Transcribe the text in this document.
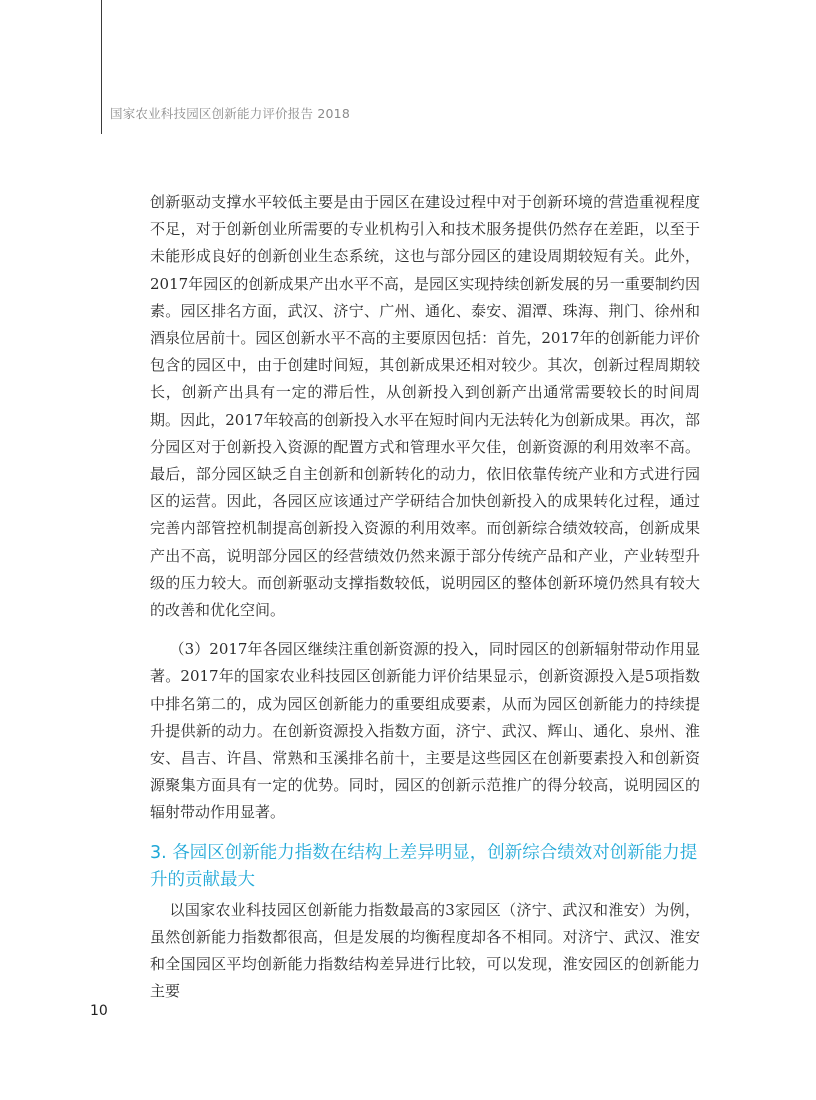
国家农业科技园区创新能力评价报告 2018

创新驱动支撑水平较低主要是由于园区在建设过程中对于创新环境的营造重视程度不足，对于创新创业所需要的专业机构引入和技术服务提供仍然存在差距，以至于未能形成良好的创新创业生态系统，这也与部分园区的建设周期较短有关。此外，2017年园区的创新成果产出水平不高，是园区实现持续创新发展的另一重要制约因素。园区排名方面，武汉、济宁、广州、通化、泰安、湄潭、珠海、荆门、徐州和酒泉位居前十。园区创新水平不高的主要原因包括：首先，2017年的创新能力评价包含的园区中，由于创建时间短，其创新成果还相对较少。其次，创新过程周期较长，创新产出具有一定的滞后性，从创新投入到创新产出通常需要较长的时间周期。因此，2017年较高的创新投入水平在短时间内无法转化为创新成果。再次，部分园区对于创新投入资源的配置方式和管理水平欠佳，创新资源的利用效率不高。最后，部分园区缺乏自主创新和创新转化的动力，依旧依靠传统产业和方式进行园区的运营。因此，各园区应该通过产学研结合加快创新投入的成果转化过程，通过完善内部管控机制提高创新投入资源的利用效率。而创新综合绩效较高，创新成果产出不高，说明部分园区的经营绩效仍然来源于部分传统产品和产业，产业转型升级的压力较大。而创新驱动支撑指数较低，说明园区的整体创新环境仍然具有较大的改善和优化空间。

（3）2017年各园区继续注重创新资源的投入，同时园区的创新辐射带动作用显著。2017年的国家农业科技园区创新能力评价结果显示，创新资源投入是5项指数中排名第二的，成为园区创新能力的重要组成要素，从而为园区创新能力的持续提升提供新的动力。在创新资源投入指数方面，济宁、武汉、辉山、通化、泉州、淮安、昌吉、许昌、常熟和玉溪排名前十，主要是这些园区在创新要素投入和创新资源聚集方面具有一定的优势。同时，园区的创新示范推广的得分较高，说明园区的辐射带动作用显著。

3. 各园区创新能力指数在结构上差异明显，创新综合绩效对创新能力提升的贡献最大

以国家农业科技园区创新能力指数最高的3家园区（济宁、武汉和淮安）为例，虽然创新能力指数都很高，但是发展的均衡程度却各不相同。对济宁、武汉、淮安和全国园区平均创新能力指数结构差异进行比较，可以发现，淮安园区的创新能力主要

10
